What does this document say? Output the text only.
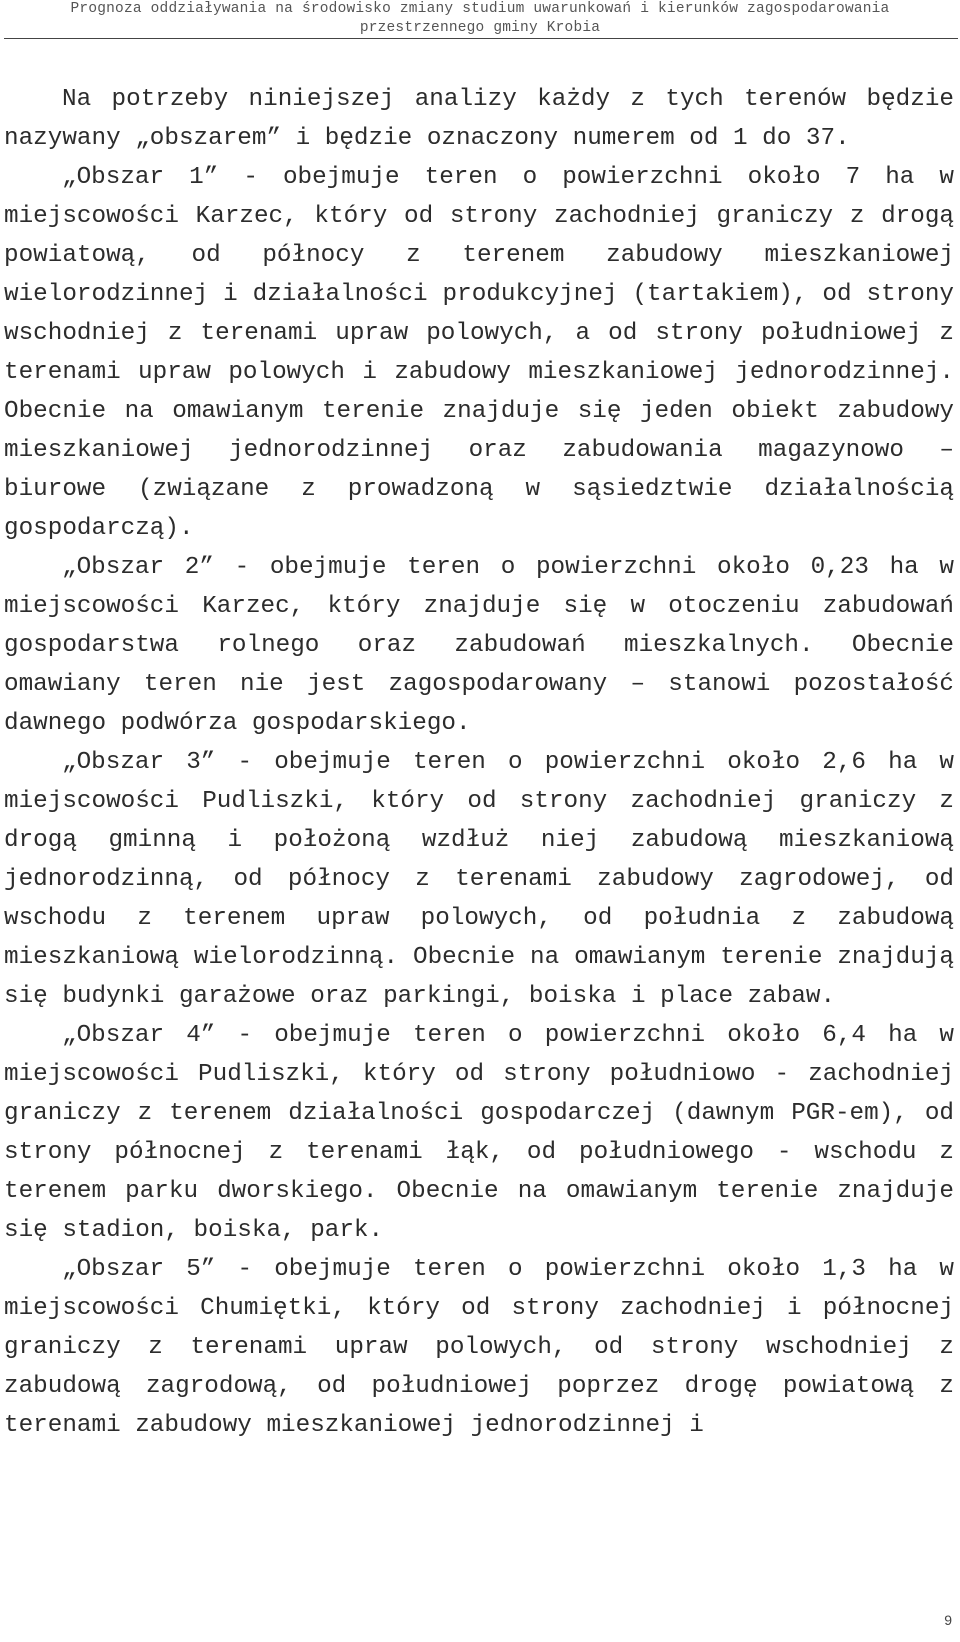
Prognoza oddziaływania na środowisko zmiany studium uwarunkowań i kierunków zagospodarowania
przestrzennego gminy Krobia

Na potrzeby niniejszej analizy każdy z tych terenów będzie nazywany „obszarem” i będzie oznaczony numerem od 1 do 37.

„Obszar 1” - obejmuje teren o powierzchni około 7 ha w miejscowości Karzec, który od strony zachodniej graniczy z drogą powiatową, od północy z terenem zabudowy mieszkaniowej wielorodzinnej i działalności produkcyjnej (tartakiem), od strony wschodniej z terenami upraw polowych, a od strony południowej z terenami upraw polowych i zabudowy mieszkaniowej jednorodzinnej. Obecnie na omawianym terenie znajduje się jeden obiekt zabudowy mieszkaniowej jednorodzinnej oraz zabudowania magazynowo – biurowe (związane z prowadzoną w sąsiedztwie działalnością gospodarczą).

„Obszar 2” - obejmuje teren o powierzchni około 0,23 ha w miejscowości Karzec, który znajduje się w otoczeniu zabudowań gospodarstwa rolnego oraz zabudowań mieszkalnych. Obecnie omawiany teren nie jest zagospodarowany – stanowi pozostałość dawnego podwórza gospodarskiego.

„Obszar 3” - obejmuje teren o powierzchni około 2,6 ha w miejscowości Pudliszki, który od strony zachodniej graniczy z drogą gminną i położoną wzdłuż niej zabudową mieszkaniową jednorodzinną, od północy z terenami zabudowy zagrodowej, od wschodu z terenem upraw polowych, od południa z zabudową mieszkaniową wielorodzinną. Obecnie na omawianym terenie znajdują się budynki garażowe oraz parkingi, boiska i place zabaw.

„Obszar 4” - obejmuje teren o powierzchni około 6,4 ha w miejscowości Pudliszki, który od strony południowo - zachodniej graniczy z terenem działalności gospodarczej (dawnym PGR-em), od strony północnej z terenami łąk, od południowego - wschodu z terenem parku dworskiego. Obecnie na omawianym terenie znajduje się stadion, boiska, park.

„Obszar 5” - obejmuje teren o powierzchni około 1,3 ha w miejscowości Chumiętki, który od strony zachodniej i północnej graniczy z terenami upraw polowych, od strony wschodniej z zabudową zagrodową, od południowej poprzez drogę powiatową z terenami zabudowy mieszkaniowej jednorodzinnej i

9
